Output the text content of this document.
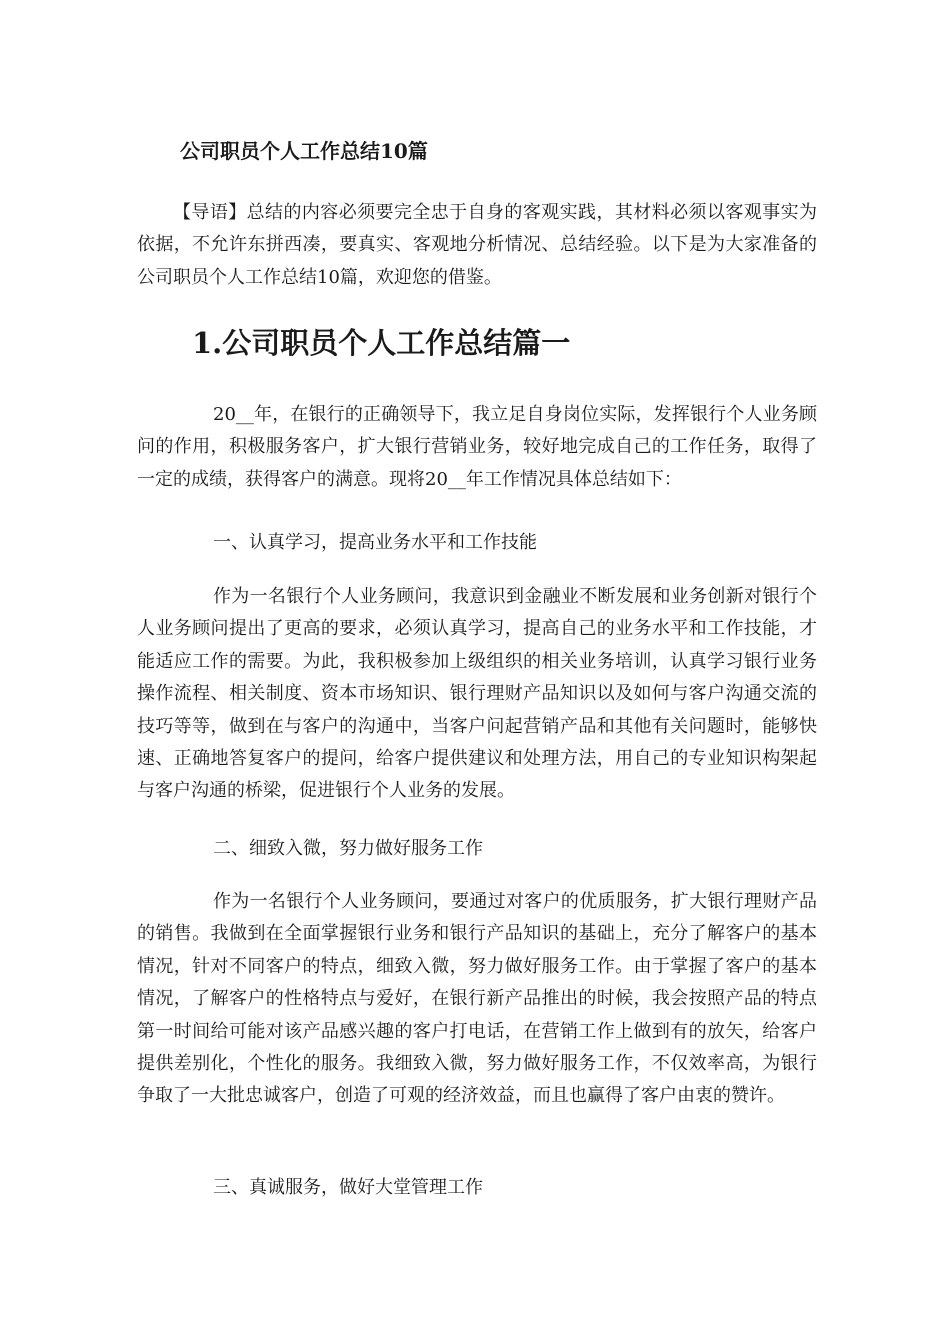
公司职员个人工作总结10篇

【导语】总结的内容必须要完全忠于自身的客观实践，其材料必须以客观事实为依据，不允许东拼西凑，要真实、客观地分析情况、总结经验。以下是为大家准备的公司职员个人工作总结10篇，欢迎您的借鉴。

1.公司职员个人工作总结篇一

20__年，在银行的正确领导下，我立足自身岗位实际，发挥银行个人业务顾问的作用，积极服务客户，扩大银行营销业务，较好地完成自己的工作任务，取得了一定的成绩，获得客户的满意。现将20__年工作情况具体总结如下：

一、认真学习，提高业务水平和工作技能

作为一名银行个人业务顾问，我意识到金融业不断发展和业务创新对银行个人业务顾问提出了更高的要求，必须认真学习，提高自己的业务水平和工作技能，才能适应工作的需要。为此，我积极参加上级组织的相关业务培训，认真学习银行业务操作流程、相关制度、资本市场知识、银行理财产品知识以及如何与客户沟通交流的技巧等等，做到在与客户的沟通中，当客户问起营销产品和其他有关问题时，能够快速、正确地答复客户的提问，给客户提供建议和处理方法，用自己的专业知识构架起与客户沟通的桥梁，促进银行个人业务的发展。

二、细致入微，努力做好服务工作

作为一名银行个人业务顾问，要通过对客户的优质服务，扩大银行理财产品的销售。我做到在全面掌握银行业务和银行产品知识的基础上，充分了解客户的基本情况，针对不同客户的特点，细致入微，努力做好服务工作。由于掌握了客户的基本情况，了解客户的性格特点与爱好，在银行新产品推出的时候，我会按照产品的特点第一时间给可能对该产品感兴趣的客户打电话，在营销工作上做到有的放矢，给客户提供差别化，个性化的服务。我细致入微，努力做好服务工作，不仅效率高，为银行争取了一大批忠诚客户，创造了可观的经济效益，而且也赢得了客户由衷的赞许。

三、真诚服务，做好大堂管理工作
